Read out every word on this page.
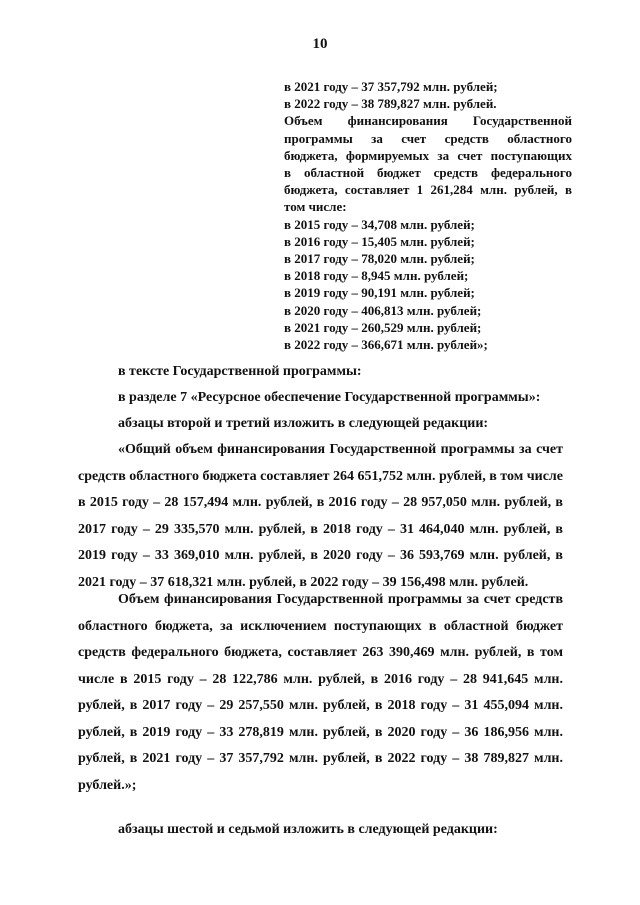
10
в 2021 году – 37 357,792 млн. рублей;
в 2022 году – 38 789,827 млн. рублей.
Объем финансирования Государственной
программы за счет средств областного
бюджета, формируемых за счет поступающих
в областной бюджет средств федерального
бюджета, составляет 1 261,284 млн. рублей, в
том числе:
в 2015 году – 34,708 млн. рублей;
в 2016 году – 15,405 млн. рублей;
в 2017 году – 78,020 млн. рублей;
в 2018 году – 8,945 млн. рублей;
в 2019 году – 90,191 млн. рублей;
в 2020 году – 406,813 млн. рублей;
в 2021 году – 260,529 млн. рублей;
в 2022 году – 366,671 млн. рублей»;
в тексте Государственной программы:
в разделе 7 «Ресурсное обеспечение Государственной программы»:
абзацы второй и третий изложить в следующей редакции:
«Общий объем финансирования Государственной программы за счет
средств областного бюджета составляет 264 651,752 млн. рублей, в том числе
в 2015 году – 28 157,494 млн. рублей, в 2016 году – 28 957,050 млн. рублей, в
2017 году – 29 335,570 млн. рублей, в 2018 году – 31 464,040 млн. рублей, в
2019 году – 33 369,010 млн. рублей, в 2020 году – 36 593,769 млн. рублей, в
2021 году – 37 618,321 млн. рублей, в 2022 году – 39 156,498 млн. рублей.
Объем финансирования Государственной программы за счет средств
областного бюджета, за исключением поступающих в областной бюджет
средств федерального бюджета, составляет 263 390,469 млн. рублей, в том
числе в 2015 году – 28 122,786 млн. рублей, в 2016 году – 28 941,645 млн.
рублей, в 2017 году – 29 257,550 млн. рублей, в 2018 году – 31 455,094 млн.
рублей, в 2019 году – 33 278,819 млн. рублей, в 2020 году – 36 186,956 млн.
рублей, в 2021 году – 37 357,792 млн. рублей, в 2022 году – 38 789,827 млн.
рублей.»;
абзацы шестой и седьмой изложить в следующей редакции:
